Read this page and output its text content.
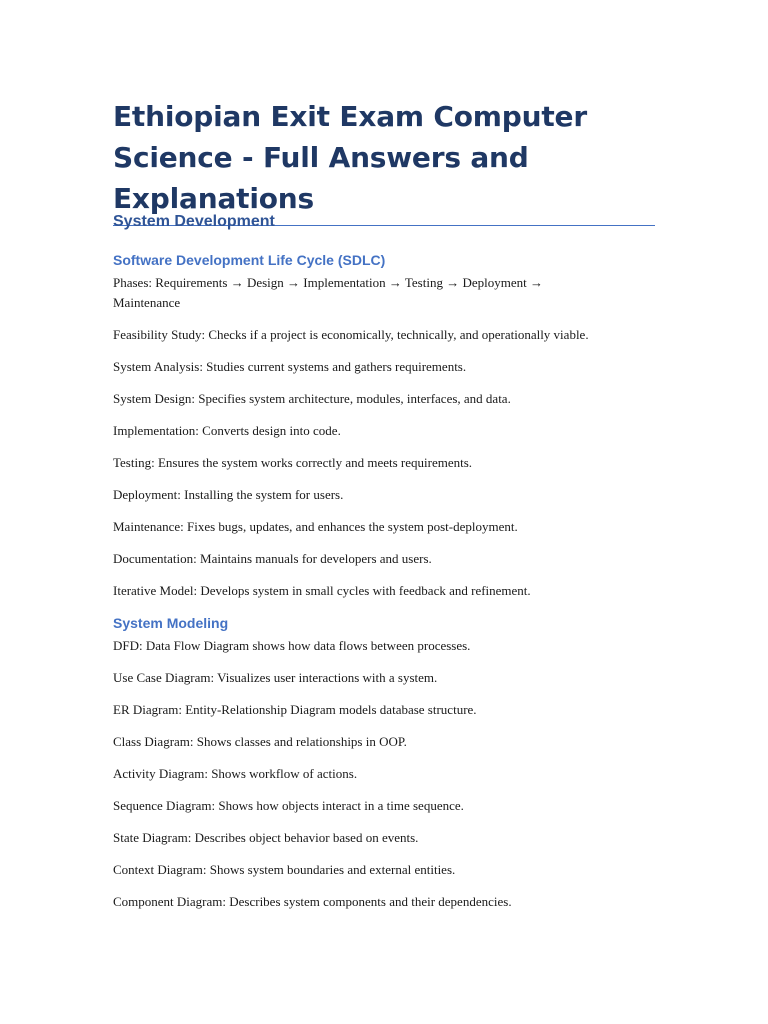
Ethiopian Exit Exam Computer Science - Full Answers and Explanations
System Development
Software Development Life Cycle (SDLC)

Phases: Requirements → Design → Implementation → Testing → Deployment → Maintenance

Feasibility Study: Checks if a project is economically, technically, and operationally viable.

System Analysis: Studies current systems and gathers requirements.

System Design: Specifies system architecture, modules, interfaces, and data.

Implementation: Converts design into code.

Testing: Ensures the system works correctly and meets requirements.

Deployment: Installing the system for users.

Maintenance: Fixes bugs, updates, and enhances the system post-deployment.

Documentation: Maintains manuals for developers and users.

Iterative Model: Develops system in small cycles with feedback and refinement.

System Modeling

DFD: Data Flow Diagram shows how data flows between processes.

Use Case Diagram: Visualizes user interactions with a system.

ER Diagram: Entity-Relationship Diagram models database structure.

Class Diagram: Shows classes and relationships in OOP.

Activity Diagram: Shows workflow of actions.

Sequence Diagram: Shows how objects interact in a time sequence.

State Diagram: Describes object behavior based on events.

Context Diagram: Shows system boundaries and external entities.

Component Diagram: Describes system components and their dependencies.
